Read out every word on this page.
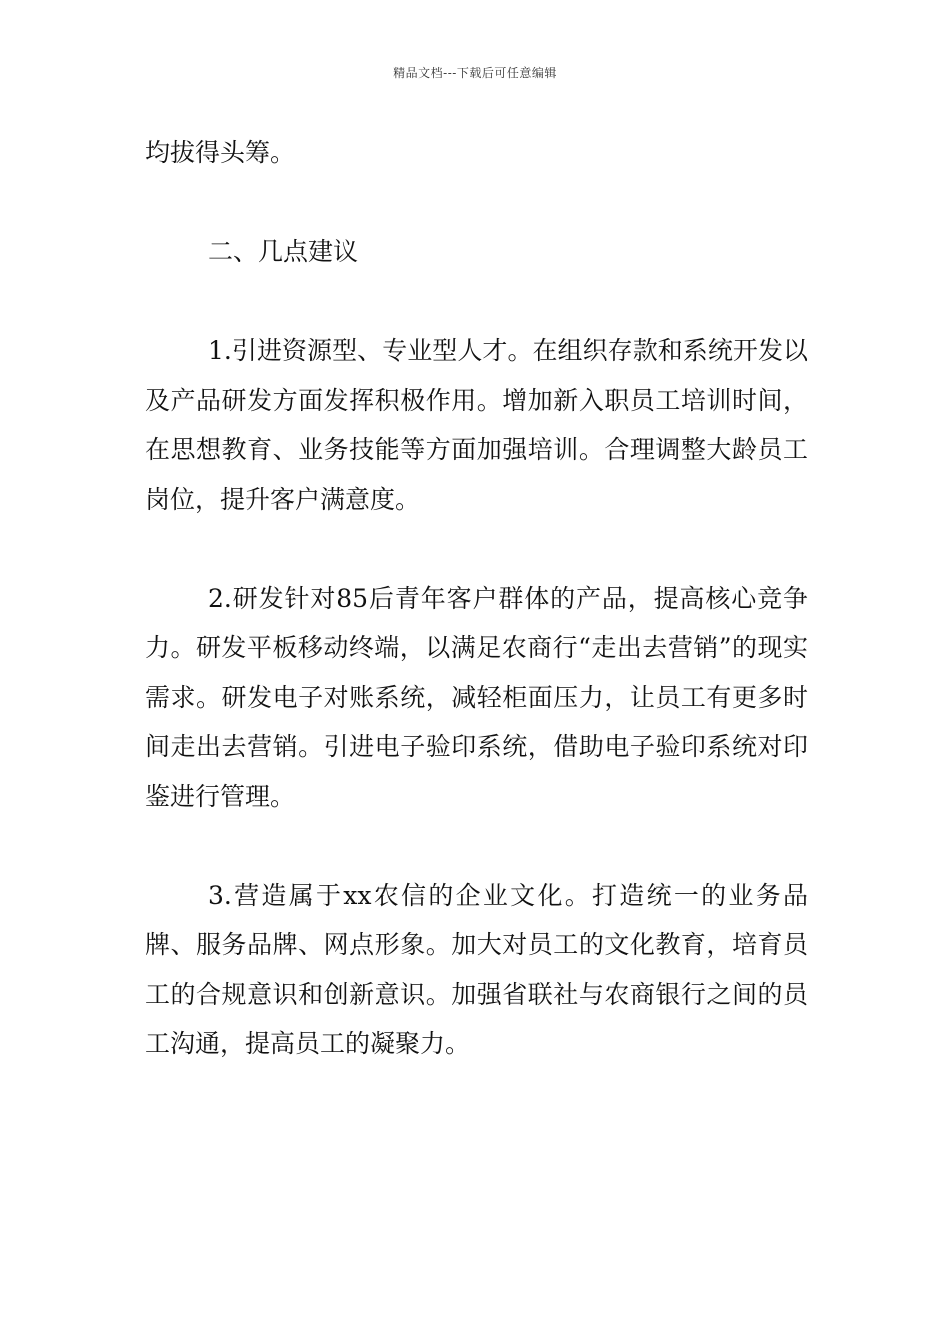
精品文档---下载后可任意编辑

均拔得头筹。

二、几点建议

1.引进资源型、专业型人才。在组织存款和系统开发以及产品研发方面发挥积极作用。增加新入职员工培训时间，在思想教育、业务技能等方面加强培训。合理调整大龄员工岗位，提升客户满意度。

2.研发针对85后青年客户群体的产品，提高核心竞争力。研发平板移动终端，以满足农商行“走出去营销”的现实需求。研发电子对账系统，减轻柜面压力，让员工有更多时间走出去营销。引进电子验印系统，借助电子验印系统对印鉴进行管理。

3.营造属于xx农信的企业文化。打造统一的业务品牌、服务品牌、网点形象。加大对员工的文化教育，培育员工的合规意识和创新意识。加强省联社与农商银行之间的员工沟通，提高员工的凝聚力。
